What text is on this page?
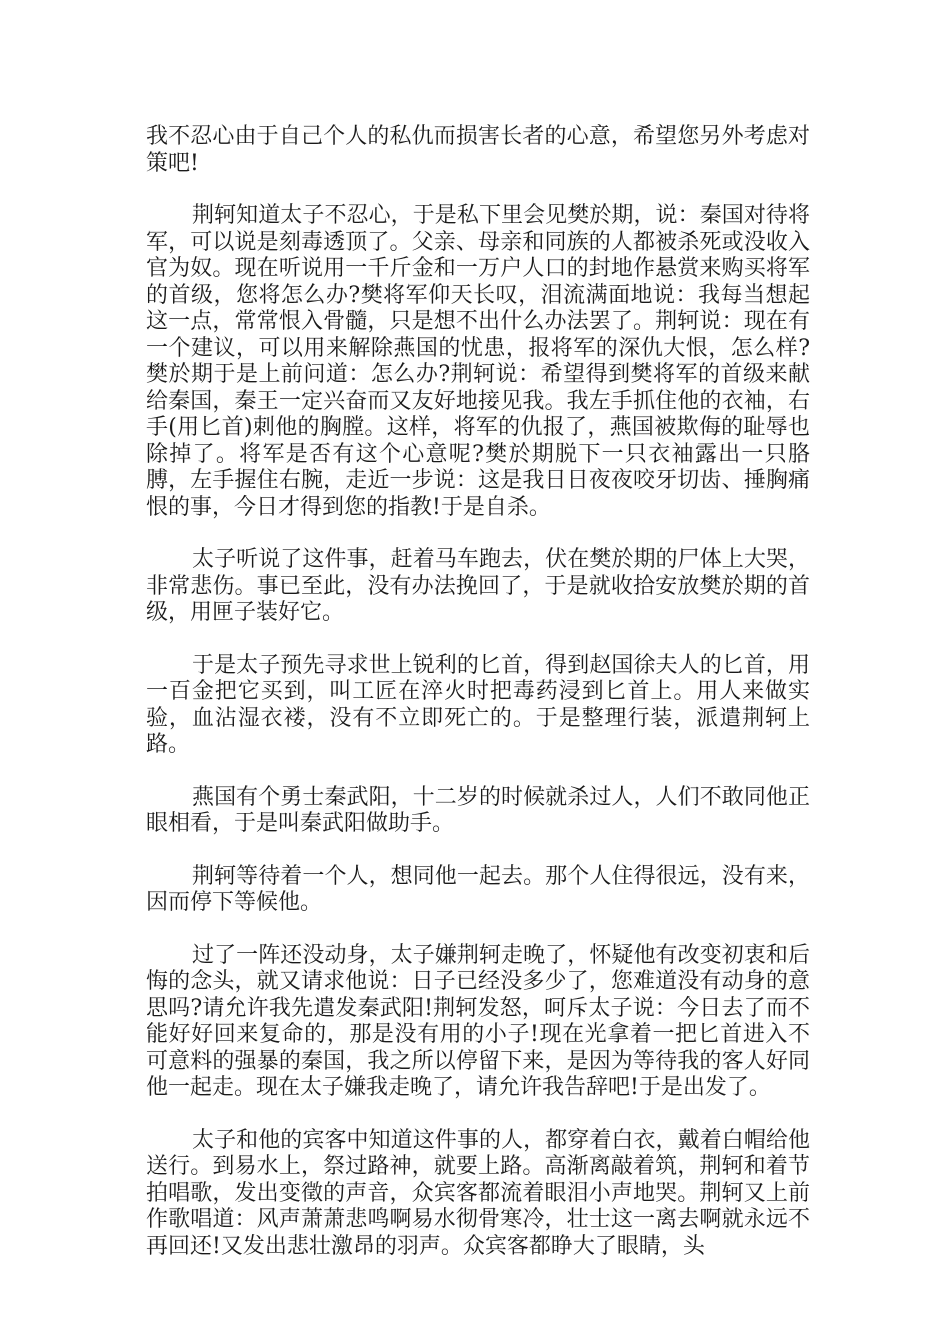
我不忍心由于自己个人的私仇而损害长者的心意，希望您另外考虑对策吧!

荆轲知道太子不忍心，于是私下里会见樊於期，说：秦国对待将军，可以说是刻毒透顶了。父亲、母亲和同族的人都被杀死或没收入官为奴。现在听说用一千斤金和一万户人口的封地作悬赏来购买将军的首级，您将怎么办?樊将军仰天长叹，泪流满面地说：我每当想起这一点，常常恨入骨髓，只是想不出什么办法罢了。荆轲说：现在有一个建议，可以用来解除燕国的忧患，报将军的深仇大恨，怎么样?樊於期于是上前问道：怎么办?荆轲说：希望得到樊将军的首级来献给秦国，秦王一定兴奋而又友好地接见我。我左手抓住他的衣袖，右手(用匕首)刺他的胸膛。这样，将军的仇报了，燕国被欺侮的耻辱也除掉了。将军是否有这个心意呢?樊於期脱下一只衣袖露出一只胳膊，左手握住右腕，走近一步说：这是我日日夜夜咬牙切齿、捶胸痛恨的事，今日才得到您的指教!于是自杀。

太子听说了这件事，赶着马车跑去，伏在樊於期的尸体上大哭，非常悲伤。事已至此，没有办法挽回了，于是就收拾安放樊於期的首级，用匣子装好它。

于是太子预先寻求世上锐利的匕首，得到赵国徐夫人的匕首，用一百金把它买到，叫工匠在淬火时把毒药浸到匕首上。用人来做实验，血沾湿衣褛，没有不立即死亡的。于是整理行装，派遣荆轲上路。

燕国有个勇士秦武阳，十二岁的时候就杀过人，人们不敢同他正眼相看，于是叫秦武阳做助手。

荆轲等待着一个人，想同他一起去。那个人住得很远，没有来，因而停下等候他。

过了一阵还没动身，太子嫌荆轲走晚了，怀疑他有改变初衷和后悔的念头，就又请求他说：日子已经没多少了，您难道没有动身的意思吗?请允许我先遣发秦武阳!荆轲发怒，呵斥太子说：今日去了而不能好好回来复命的，那是没有用的小子!现在光拿着一把匕首进入不可意料的强暴的秦国，我之所以停留下来，是因为等待我的客人好同他一起走。现在太子嫌我走晚了，请允许我告辞吧!于是出发了。

太子和他的宾客中知道这件事的人，都穿着白衣，戴着白帽给他送行。到易水上，祭过路神，就要上路。高渐离敲着筑，荆轲和着节拍唱歌，发出变徵的声音，众宾客都流着眼泪小声地哭。荆轲又上前作歌唱道：风声萧萧悲鸣啊易水彻骨寒冷，壮士这一离去啊就永远不再回还!又发出悲壮激昂的羽声。众宾客都睁大了眼睛，头
